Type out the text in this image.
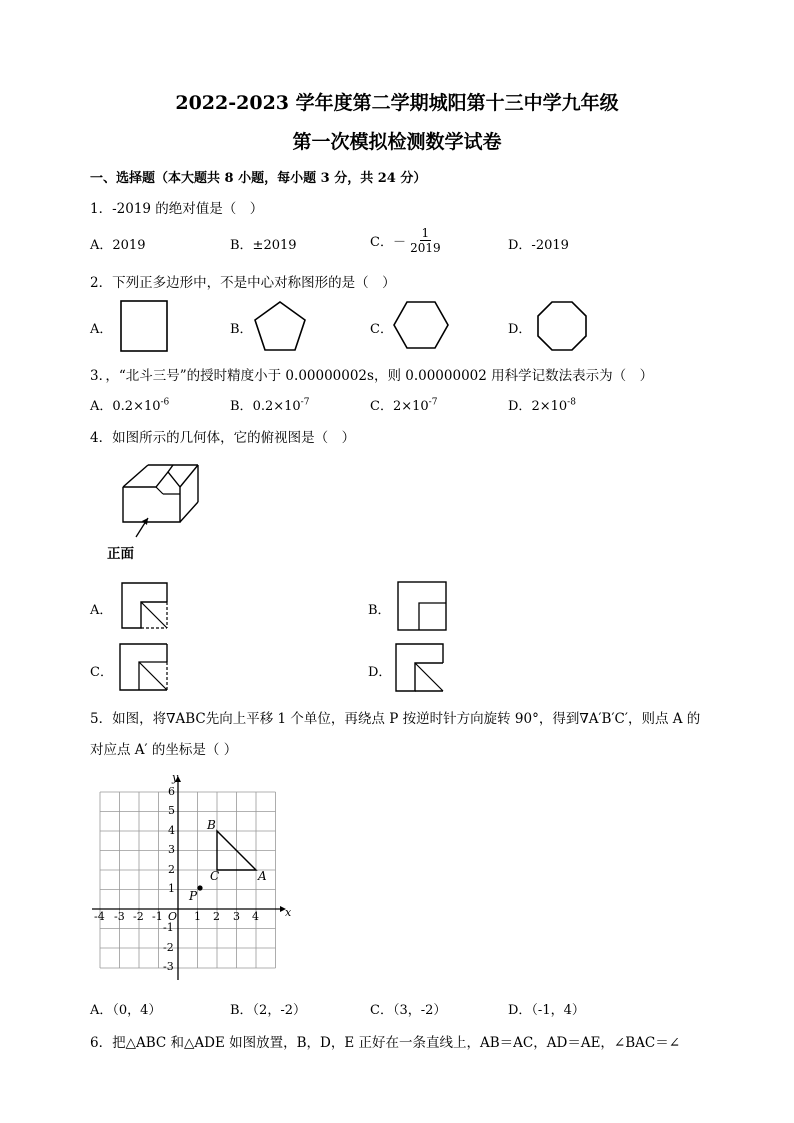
2022-2023 学年度第二学期城阳第十三中学九年级
第一次模拟检测数学试卷
一、选择题（本大题共 8 小题，每小题 3 分，共 24 分）
1．-2019 的绝对值是（　）
A．2019	B．±2019	C．－ $\frac{1}{2019}$	D．-2019
2．下列正多边形中，不是中心对称图形的是（　）
A．	B．	C．	D．
3．，“北斗三号”的授时精度小于 0.00000002s，则 0.00000002 用科学记数法表示为（　）
A．$0.2\times 10^{-6}$	B．$0.2\times 10^{-7}$	C．$2\times 10^{-7}$	D．$2\times 10^{-8}$
4．如图所示的几何体，它的俯视图是（　）
正面
A．	B．
C．	D．
5．如图，将∇ABC先向上平移 1 个单位，再绕点 P 按逆时针方向旋转 90°，得到∇A′B′C′，则点 A 的
对应点 A′ 的坐标是（ ）
y
x
O
-4 -3 -2 -1	1 2 3 4
6
5
4
3
2
1
-1
-2
-3
B
C	A
P
A．（0，4）	B．（2，-2）	C．（3，-2）	D．（-1，4）
6．把△ABC 和△ADE 如图放置，B，D，E 正好在一条直线上，AB＝AC，AD＝AE，∠BAC＝∠
